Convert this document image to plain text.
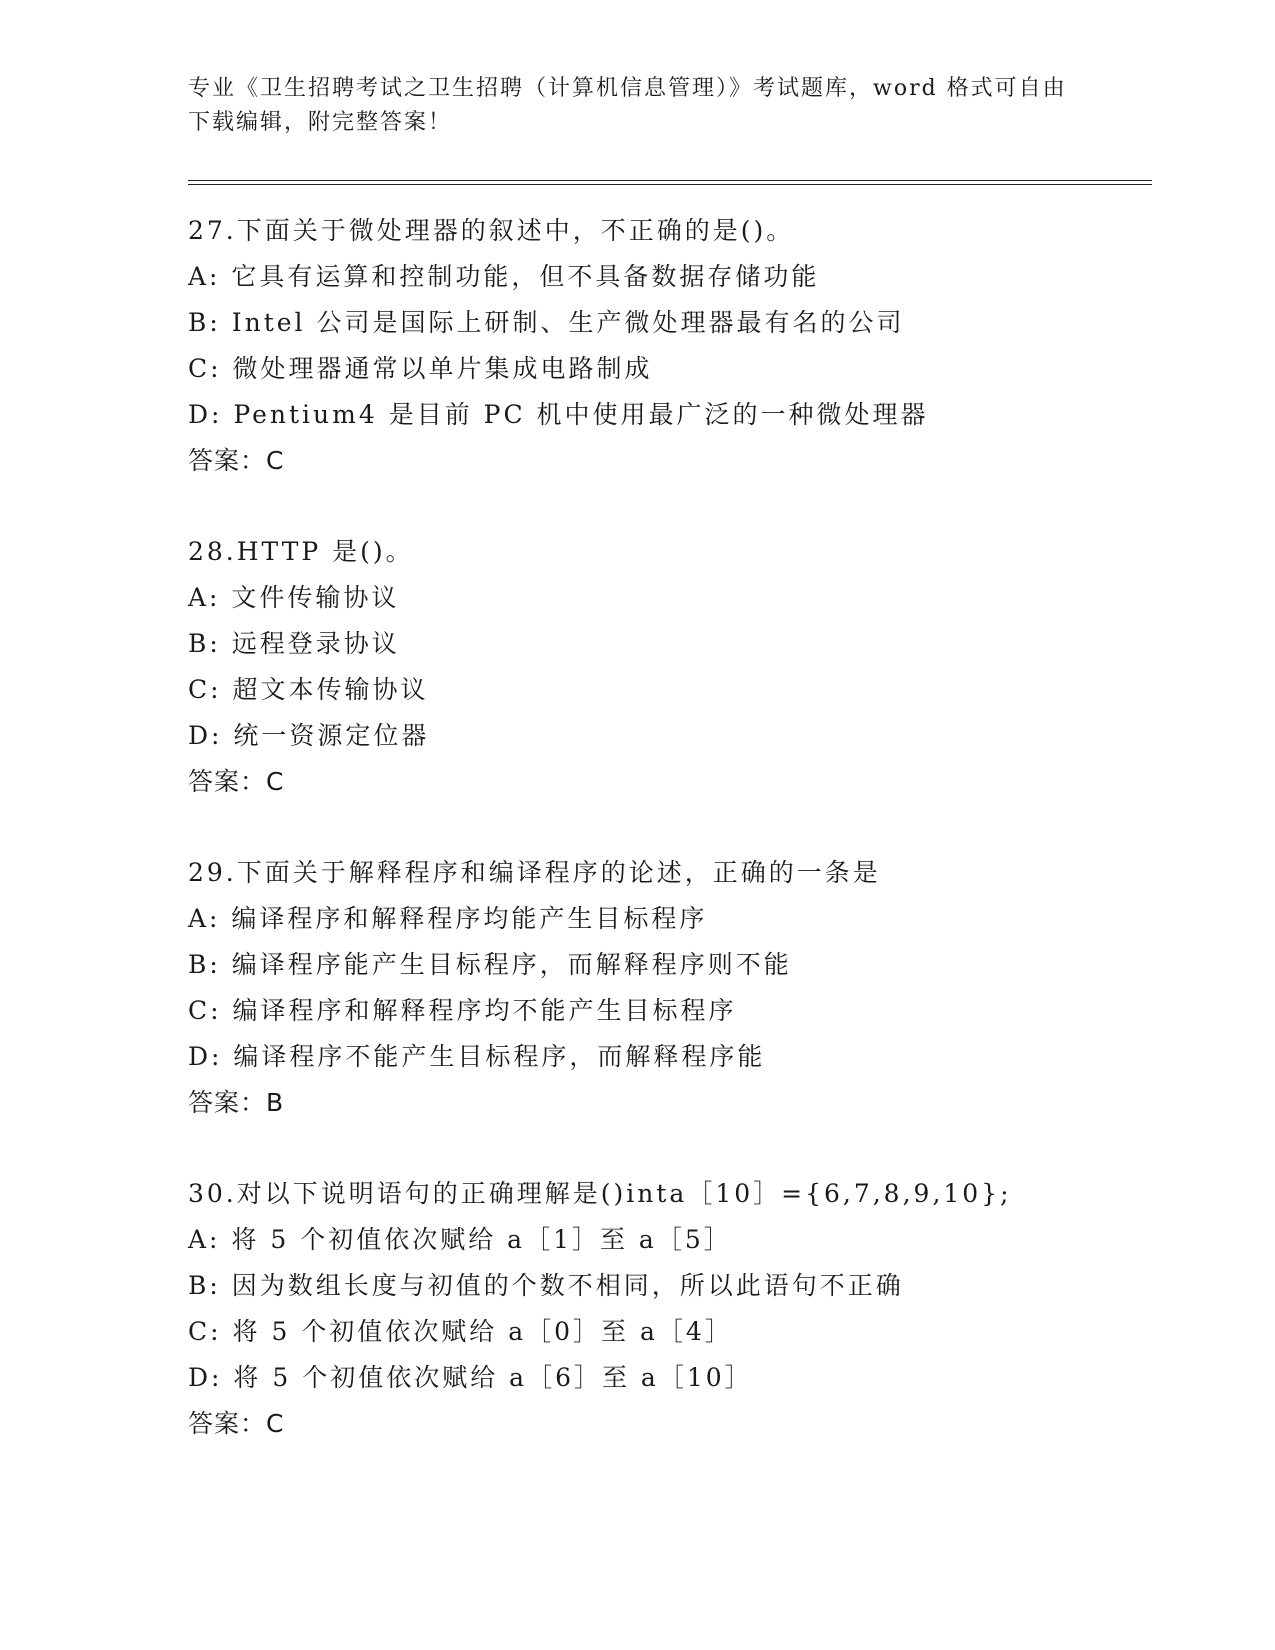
专业《卫生招聘考试之卫生招聘（计算机信息管理）》考试题库，word 格式可自由下载编辑，附完整答案！
27.下面关于微处理器的叙述中，不正确的是()。
A: 它具有运算和控制功能，但不具备数据存储功能
B: Intel 公司是国际上研制、生产微处理器最有名的公司
C: 微处理器通常以单片集成电路制成
D: Pentium4 是目前 PC 机中使用最广泛的一种微处理器
答案：C
28.HTTP 是()。
A: 文件传输协议
B: 远程登录协议
C: 超文本传输协议
D: 统一资源定位器
答案：C
29.下面关于解释程序和编译程序的论述，正确的一条是
A: 编译程序和解释程序均能产生目标程序
B: 编译程序能产生目标程序，而解释程序则不能
C: 编译程序和解释程序均不能产生目标程序
D: 编译程序不能产生目标程序，而解释程序能
答案：B
30.对以下说明语句的正确理解是()inta［10］={6,7,8,9,10};
A: 将 5 个初值依次赋给 a［1］至 a［5］
B: 因为数组长度与初值的个数不相同，所以此语句不正确
C: 将 5 个初值依次赋给 a［0］至 a［4］
D: 将 5 个初值依次赋给 a［6］至 a［10］
答案：C
